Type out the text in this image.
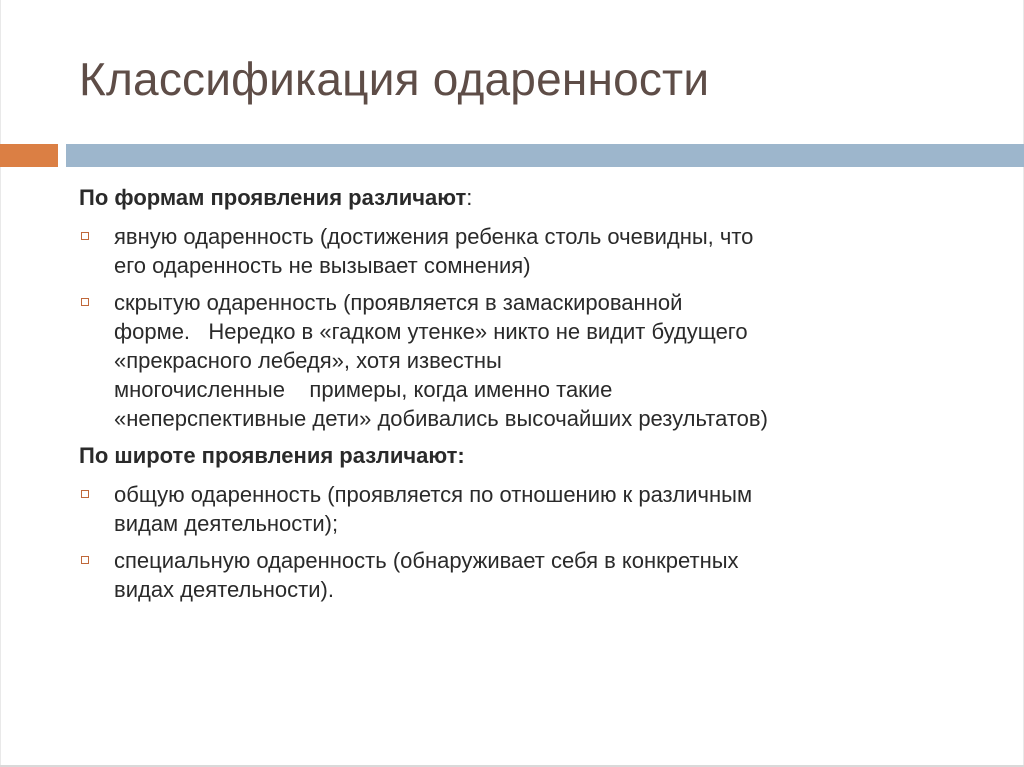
Классификация одаренности
По формам проявления различают:
явную одаренность (достижения ребенка столь очевидны, что
его одаренность не вызывает сомнения)
скрытую одаренность (проявляется в замаскированной
форме.   Нередко в «гадком утенке» никто не видит будущего
«прекрасного лебедя», хотя известны
многочисленные    примеры, когда именно такие
«неперспективные дети» добивались высочайших результатов)
По широте проявления различают:
общую одаренность (проявляется по отношению к различным
видам деятельности);
специальную одаренность (обнаруживает себя в конкретных
видах деятельности).
